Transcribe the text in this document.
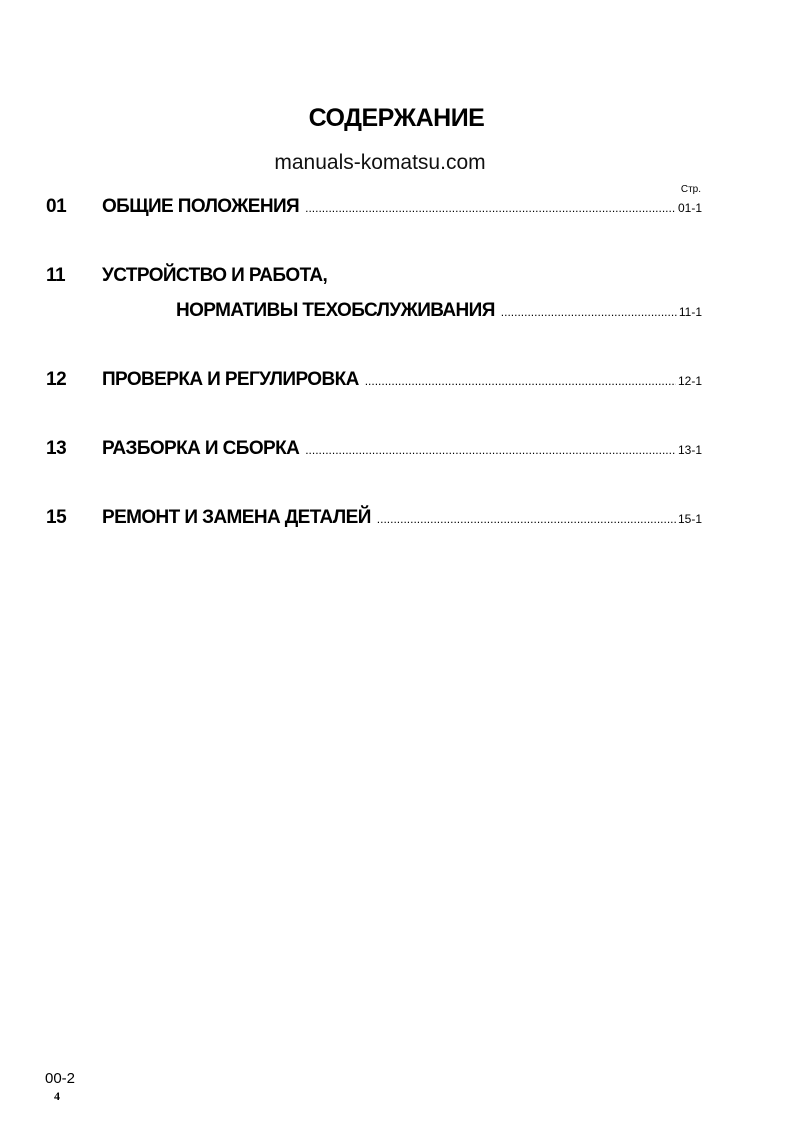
СОДЕРЖАНИЕ
manuals-komatsu.com
Стр.
01	ОБЩИЕ ПОЛОЖЕНИЯ .....	01-1
11	УСТРОЙСТВО И РАБОТА,
НОРМАТИВЫ ТЕХОБСЛУЖИВАНИЯ .....	11-1
12	ПРОВЕРКА И РЕГУЛИРОВКА .....	12-1
13	РАЗБОРКА И СБОРКА .....	13-1
15	РЕМОНТ И ЗАМЕНА ДЕТАЛЕЙ .....	15-1
00-2
4
